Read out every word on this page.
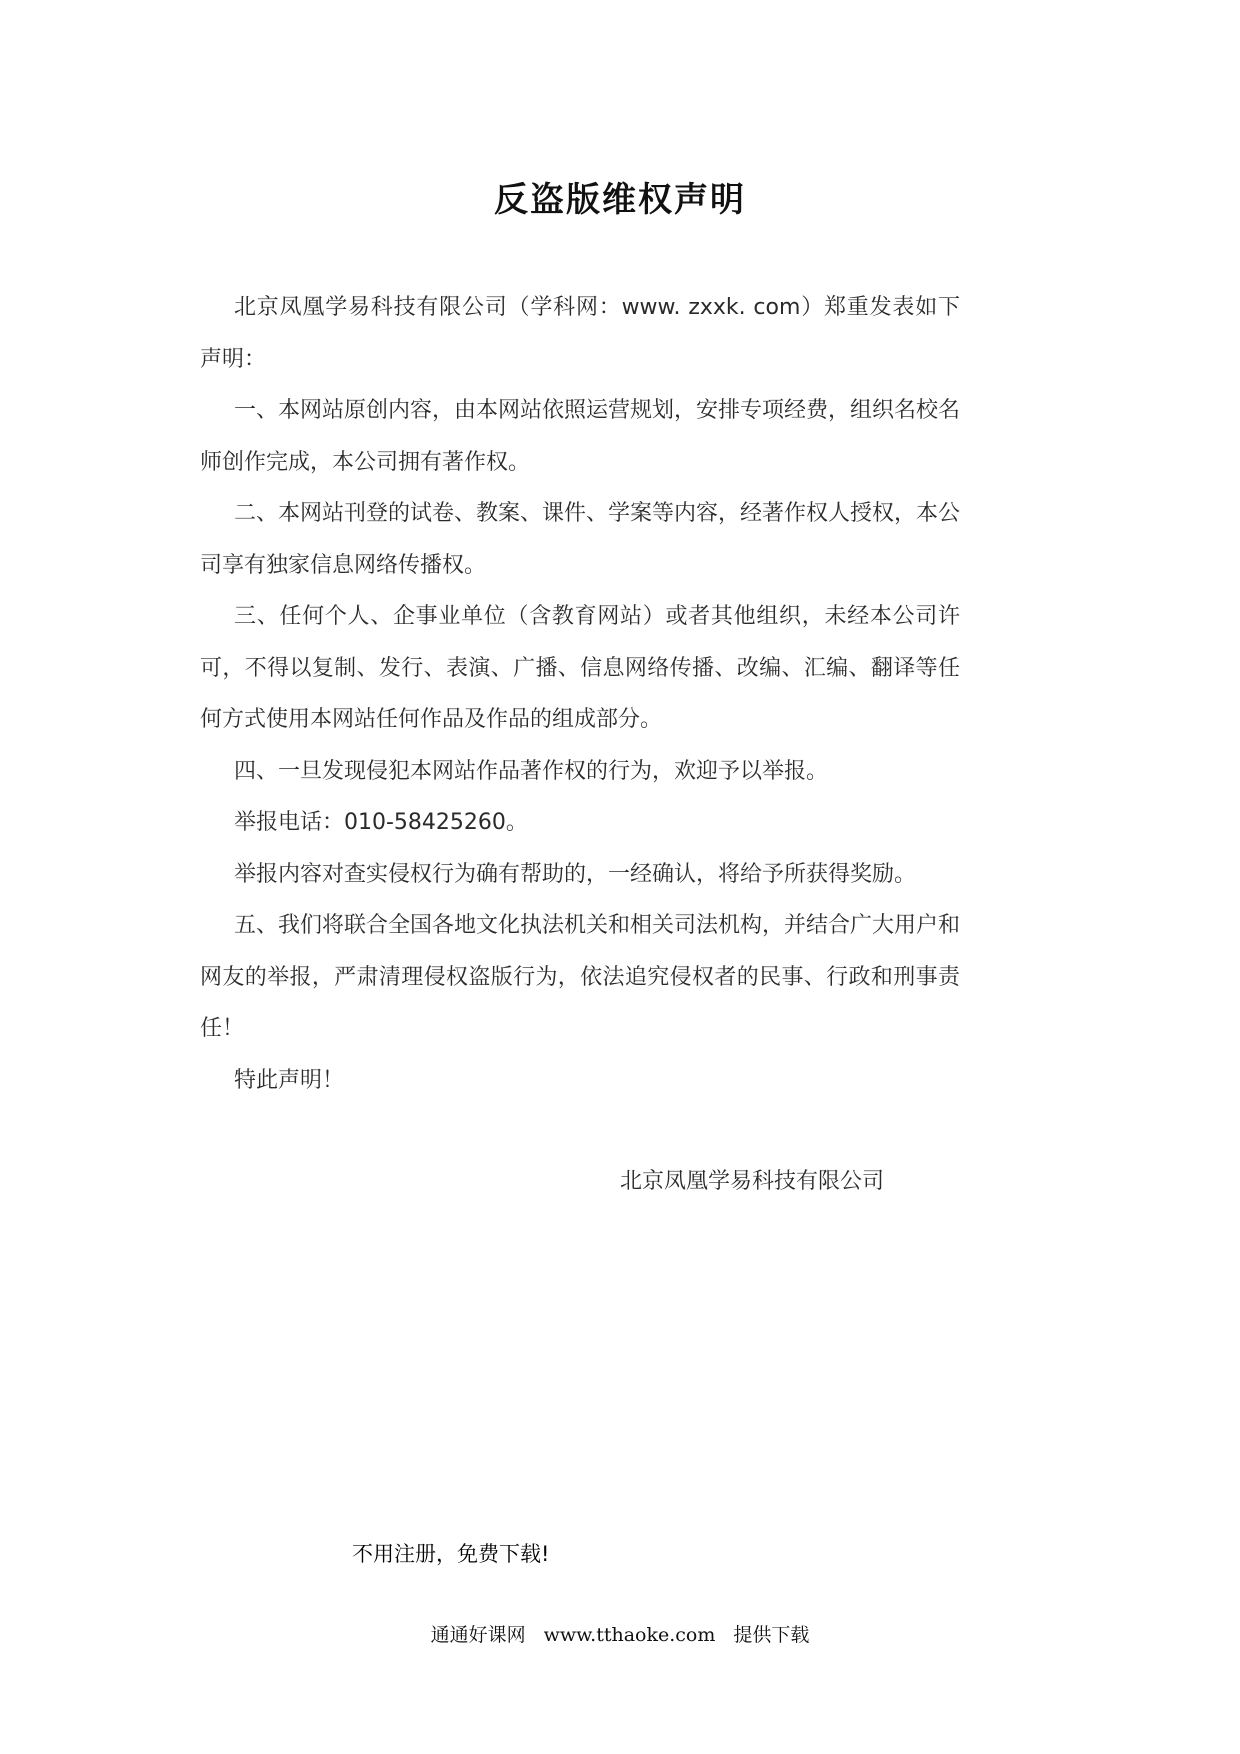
反盗版维权声明

北京凤凰学易科技有限公司（学科网：www. zxxk. com）郑重发表如下声明：

一、本网站原创内容，由本网站依照运营规划，安排专项经费，组织名校名师创作完成，本公司拥有著作权。

二、本网站刊登的试卷、教案、课件、学案等内容，经著作权人授权，本公司享有独家信息网络传播权。

三、任何个人、企事业单位（含教育网站）或者其他组织，未经本公司许可，不得以复制、发行、表演、广播、信息网络传播、改编、汇编、翻译等任何方式使用本网站任何作品及作品的组成部分。

四、一旦发现侵犯本网站作品著作权的行为，欢迎予以举报。

举报电话：010-58425260。

举报内容对查实侵权行为确有帮助的，一经确认，将给予所获得奖励。

五、我们将联合全国各地文化执法机关和相关司法机构，并结合广大用户和网友的举报，严肃清理侵权盗版行为，依法追究侵权者的民事、行政和刑事责任！

特此声明！

北京凤凰学易科技有限公司
不用注册，免费下载!
通通好课网 www.tthaoke.com 提供下载
